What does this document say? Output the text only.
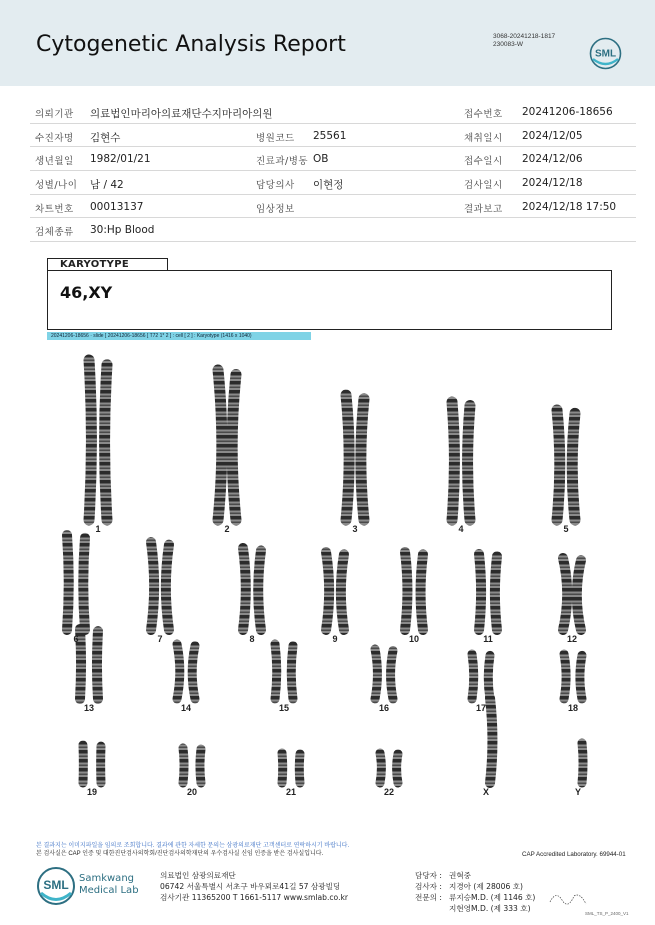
Cytogenetic Analysis Report	3068-20241218-1817
230083-W
SML
의뢰기관 의료법인마리아의료재단수지마리아의원	접수번호 20241206-18656
수진자명 김현수	병원코드 25561	채취일시 2024/12/05
생년월일 1982/01/21	진료과/병동 OB	접수일시 2024/12/06
성별/나이 남 / 42	담당의사 이현정	검사일시 2024/12/18
차트번호 00013137	임상정보	결과보고 2024/12/18 17:50
검체종류 30:Hp Blood
KARYOTYPE
46,XY
20241206-18656 · slide [ 20241206-18656 [ T72 1* 2 ] : cell [ 2 ] : Karyotype (1416 x 1040)
1	2	3	4	5
6	7	8	9	10	11	12
13	14	15	16	17	18
19	20	21	22	X	Y
본 결과지는 이미지파일을 임의로 조회합니다. 결과에 관한 자세한 문의는 삼광의료재단 고객센터로 연락하시기 바랍니다.
본 검사실은 CAP 인증 및 대한진단검사의학회/진단검사의학재단의 우수검사실 신임 인증을 받은 검사실입니다.	CAP Accredited Laboratory. 69944-01
SML Samkwang
Medical Lab
의료법인 삼광의료재단
06742 서울특별시 서초구 바우뫼로41길 57 삼광빌딩
검사기관 11365200 T 1661-5117 www.smlab.co.kr
담당자 : 권혁중
검사자 : 지경아 (제 28006 호)
전문의 : 류지승M.D. (제 1146 호)
지현영M.D. (제 333 호)
SML_TS_P_2400_V1
